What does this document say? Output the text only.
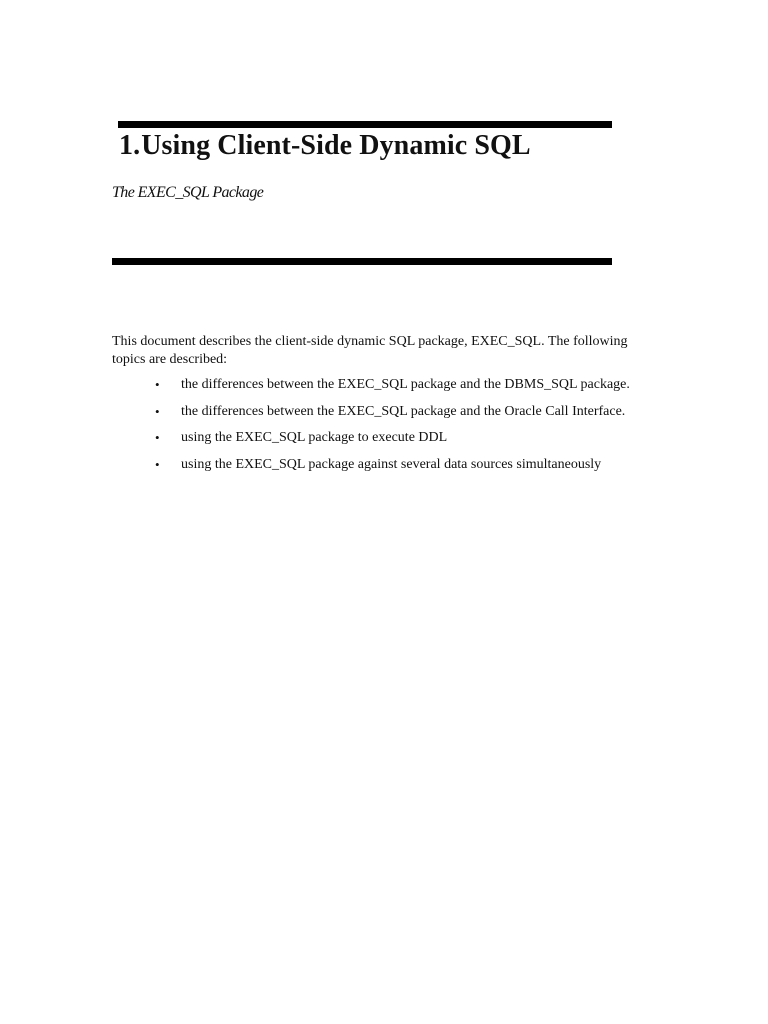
1.Using Client-Side Dynamic SQL

The EXEC_SQL Package

This document describes the client-side dynamic SQL package, EXEC_SQL. The following topics are described:

• the differences between the EXEC_SQL package and the DBMS_SQL package.
• the differences between the EXEC_SQL package and the Oracle Call Interface.
• using the EXEC_SQL package to execute DDL
• using the EXEC_SQL package against several data sources simultaneously
